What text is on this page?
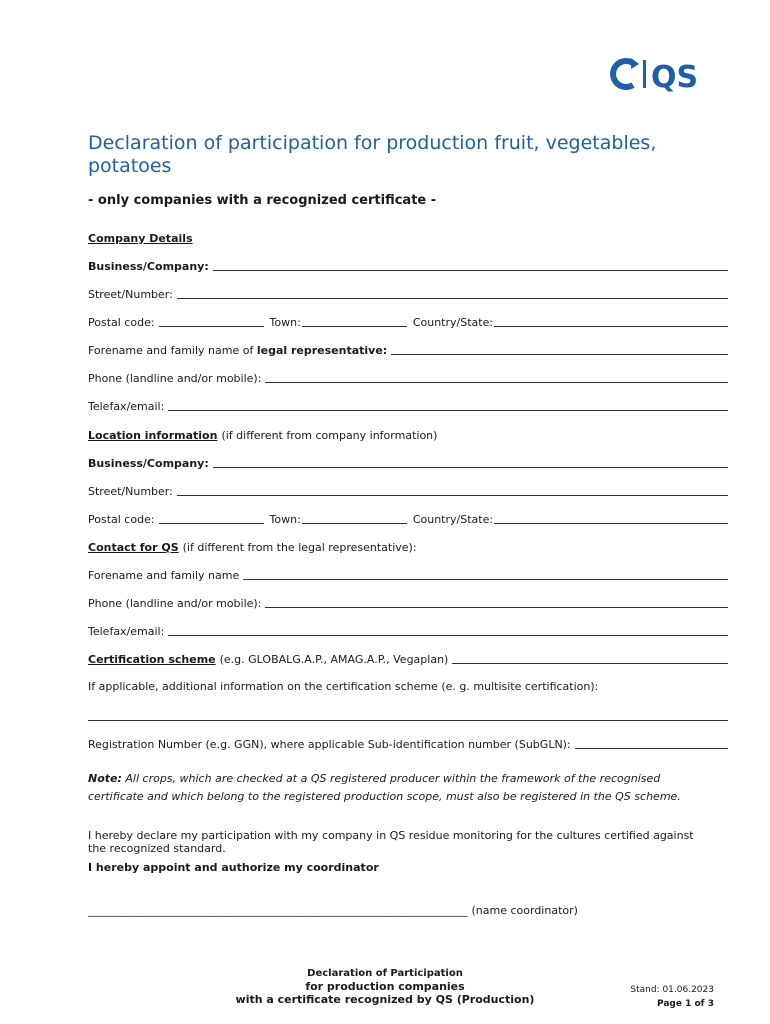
QS
Declaration of participation for production fruit, vegetables, potatoes

- only companies with a recognized certificate -

Company Details
Business/Company:
Street/Number:
Postal code:	Town:	Country/State:
Forename and family name of legal representative:
Phone (landline and/or mobile):
Telefax/email:
Location information (if different from company information)
Business/Company:
Street/Number:
Postal code:	Town:	Country/State:
Contact for QS (if different from the legal representative):
Forename and family name
Phone (landline and/or mobile):
Telefax/email:
Certification scheme (e.g. GLOBALG.A.P., AMAG.A.P., Vegaplan)
If applicable, additional information on the certification scheme (e. g. multisite certification):
Registration Number (e.g. GGN), where applicable Sub-identification number (SubGLN):
Note: All crops, which are checked at a QS registered producer within the framework of the recognised certificate and which belong to the registered production scope, must also be registered in the QS scheme.
I hereby declare my participation with my company in QS residue monitoring for the cultures certified against the recognized standard.
I hereby appoint and authorize my coordinator
_____________________________________________________________________ (name coordinator)
Declaration of Participation
for production companies
with a certificate recognized by QS (Production)
Stand: 01.06.2023
Page 1 of 3
